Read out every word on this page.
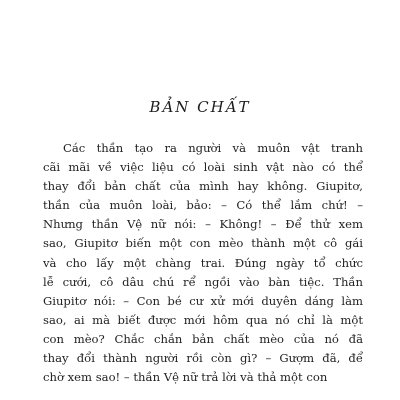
BẢN CHẤT
Các thần tạo ra người và muôn vật tranh
cãi mãi về việc liệu có loài sinh vật nào có thể
thay đổi bản chất của mình hay không. Giupitơ,
thần của muôn loài, bảo: – Có thể lắm chứ! –
Nhưng thần Vệ nữ nói: – Không! – Để thử xem
sao, Giupitơ biến một con mèo thành một cô gái
và cho lấy một chàng trai. Đúng ngày tổ chức
lễ cưới, cô dâu chú rể ngồi vào bàn tiệc. Thần
Giupitơ nói: – Con bé cư xử mới duyên dáng làm
sao, ai mà biết được mới hôm qua nó chỉ là một
con mèo? Chắc chắn bản chất mèo của nó đã
thay đổi thành người rồi còn gì? – Gượm đã, để
chờ xem sao! – thần Vệ nữ trả lời và thả một con
